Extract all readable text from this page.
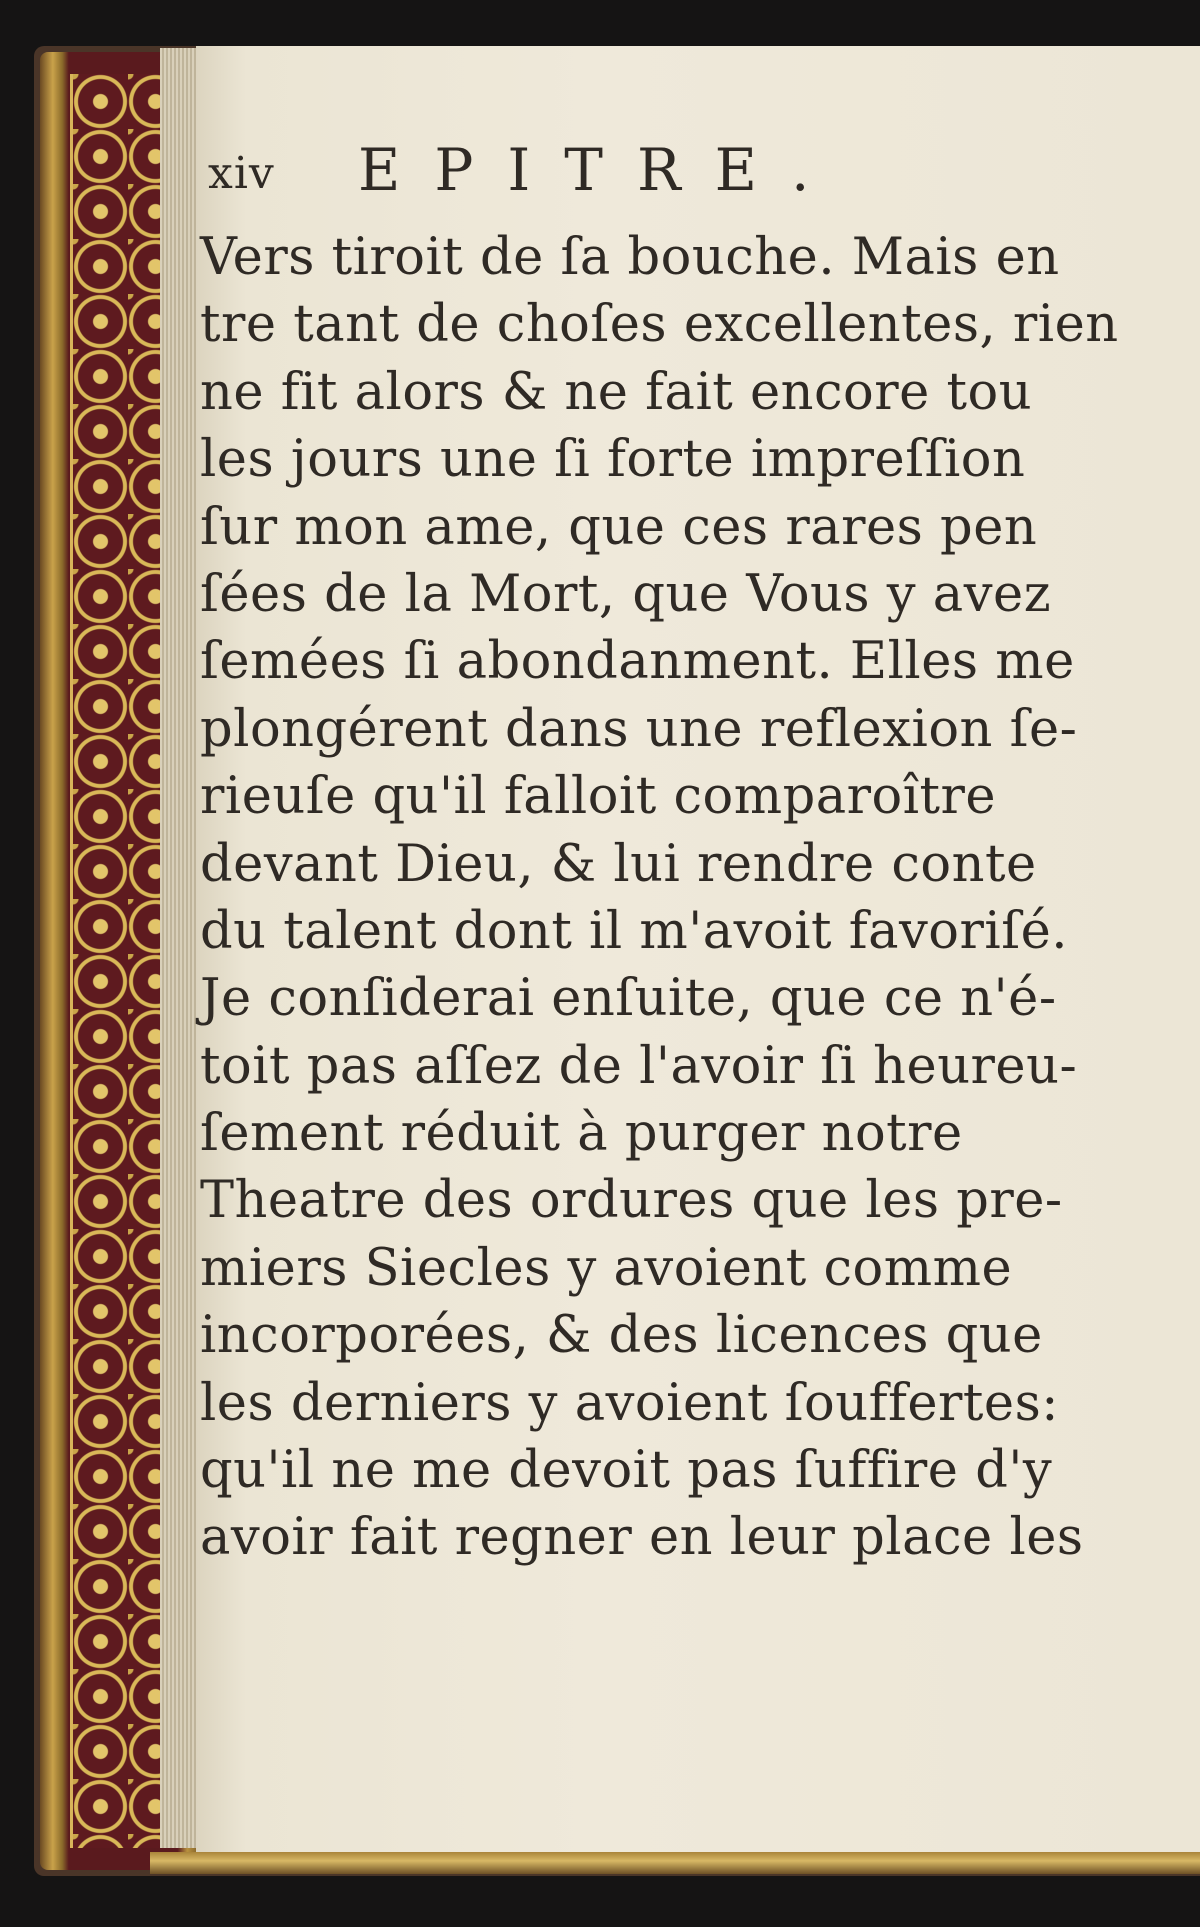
xiv EPITRE.
Vers tiroit de ſa bouche. Mais en
tre tant de choſes excellentes, rien
ne fit alors & ne fait encore tou
les jours une ſi forte impreſſion
ſur mon ame, que ces rares pen
ſées de la Mort, que Vous y avez
ſemées ſi abondanment. Elles me
plongérent dans une reflexion ſe-
rieuſe qu'il falloit comparoître
devant Dieu, & lui rendre conte
du talent dont il m'avoit favoriſé.
Je conſiderai enſuite, que ce n'é-
toit pas aſſez de l'avoir ſi heureu-
ſement réduit à purger notre
Theatre des ordures que les pre-
miers Siecles y avoient comme
incorporées, & des licences que
les derniers y avoient ſouffertes:
qu'il ne me devoit pas ſuffire d'y
avoir fait regner en leur place les
